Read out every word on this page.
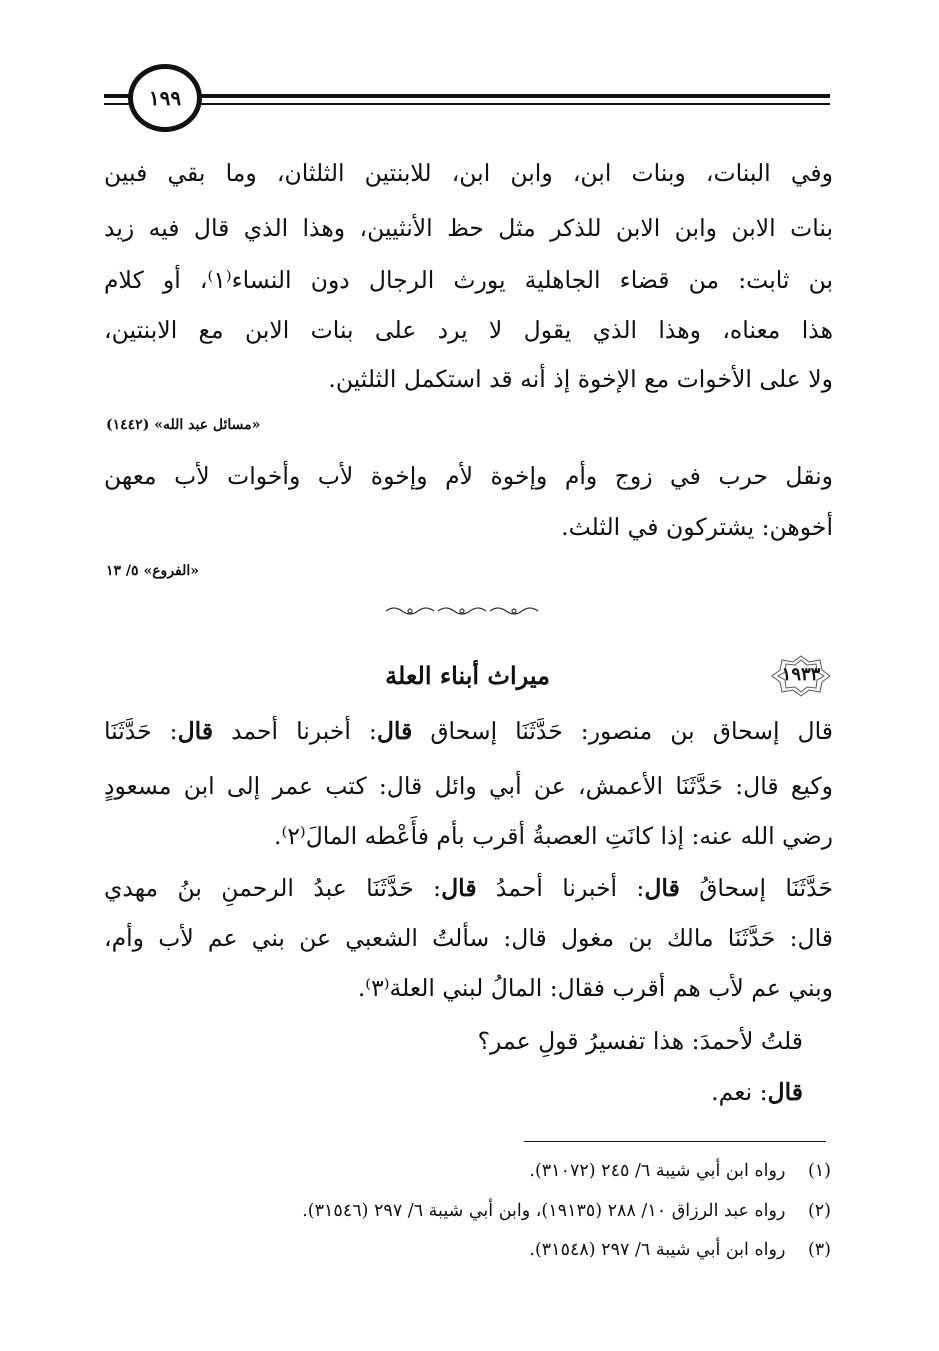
١٩٩
وفي البنات، وبنات ابن، وابن ابن، للابنتين الثلثان، وما بقي فبين
بنات الابن وابن الابن للذكر مثل حظ الأنثيين، وهذا الذي قال فيه زيد
بن ثابت: من قضاء الجاهلية يورث الرجال دون النساء⁽١⁾، أو كلام
هذا معناه، وهذا الذي يقول لا يرد على بنات الابن مع الابنتين،
ولا على الأخوات مع الإخوة إذ أنه قد استكمل الثلثين.
«مسائل عبد الله» (١٤٤٢)
ونقل حرب في زوج وأم وإخوة لأم وإخوة لأب وأخوات لأب معهن
أخوهن: يشتركون في الثلث.
«الفروع» ٥/ ١٣
١٩٣٣
ميراث أبناء العلة
قال إسحاق بن منصور: حَدَّثَنَا إسحاق قال: أخبرنا أحمد قال: حَدَّثَنَا
وكيع قال: حَدَّثَنَا الأعمش، عن أبي وائل قال: كتب عمر إلى ابن مسعودٍ
رضي الله عنه: إذا كانَتِ العصبةُ أقرب بأم فأَعْطه المالَ⁽٢⁾.
حَدَّثَنَا إسحاقُ قال: أخبرنا أحمدُ قال: حَدَّثَنَا عبدُ الرحمنِ بنُ مهدي
قال: حَدَّثَنَا مالك بن مغول قال: سألتُ الشعبي عن بني عم لأب وأم،
وبني عم لأب هم أقرب فقال: المالُ لبني العلة⁽٣⁾.
قلتُ لأحمدَ: هذا تفسيرُ قولِ عمر؟
قال: نعم.
(١) رواه ابن أبي شيبة ٦/ ٢٤٥ (٣١٠٧٢).
(٢) رواه عبد الرزاق ١٠/ ٢٨٨ (١٩١٣٥)، وابن أبي شيبة ٦/ ٢٩٧ (٣١٥٤٦).
(٣) رواه ابن أبي شيبة ٦/ ٢٩٧ (٣١٥٤٨).
